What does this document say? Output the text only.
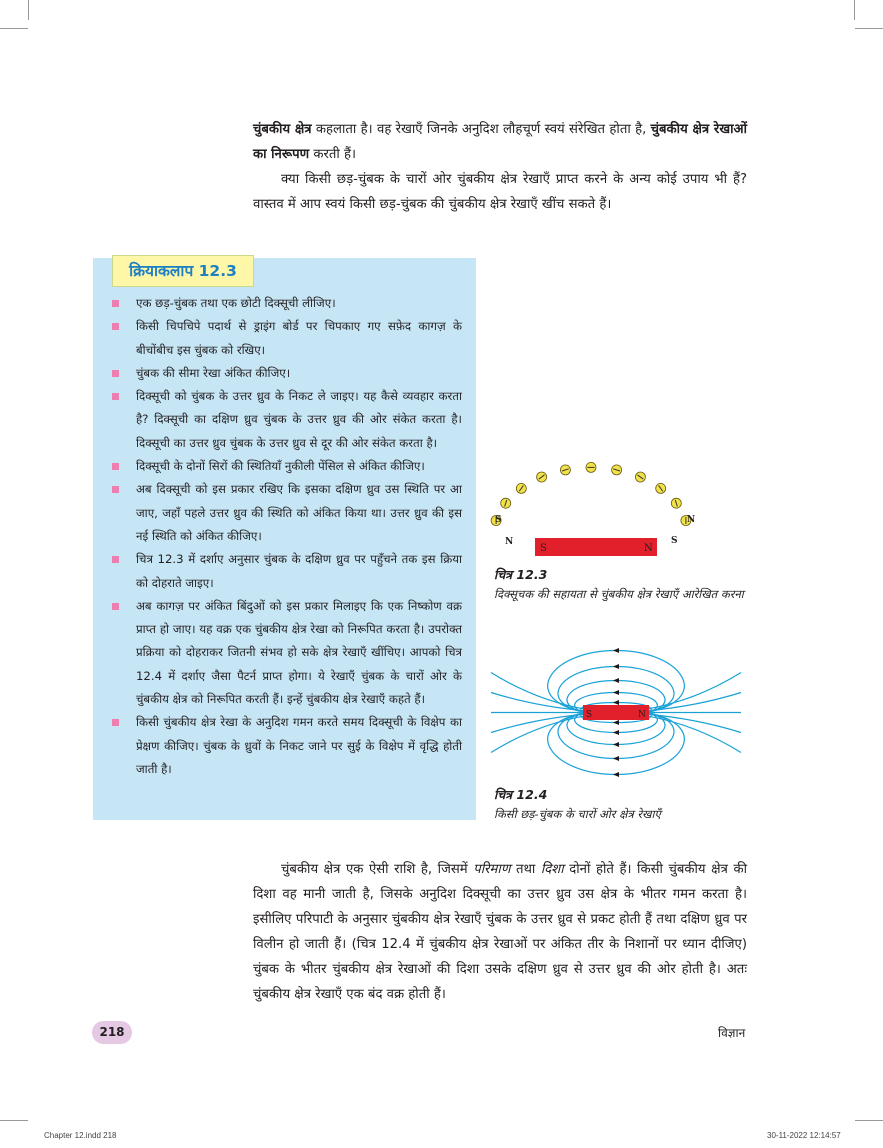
चुंबकीय क्षेत्र कहलाता है। वह रेखाएँ जिनके अनुदिश लौहचूर्ण स्वयं संरेखित होता है, चुंबकीय क्षेत्र रेखाओं का निरूपण करती हैं।

क्या किसी छड़-चुंबक के चारों ओर चुंबकीय क्षेत्र रेखाएँ प्राप्त करने के अन्य कोई उपाय भी हैं? वास्तव में आप स्वयं किसी छड़-चुंबक की चुंबकीय क्षेत्र रेखाएँ खींच सकते हैं।

क्रियाकलाप 12.3
एक छड़-चुंबक तथा एक छोटी दिक्सूची लीजिए।
किसी चिपचिपे पदार्थ से ड्राइंग बोर्ड पर चिपकाए गए सफ़ेद कागज़ के बीचोंबीच इस चुंबक को रखिए।
चुंबक की सीमा रेखा अंकित कीजिए।
दिक्सूची को चुंबक के उत्तर ध्रुव के निकट ले जाइए। यह कैसे व्यवहार करता है? दिक्सूची का दक्षिण ध्रुव चुंबक के उत्तर ध्रुव की ओर संकेत करता है। दिक्सूची का उत्तर ध्रुव चुंबक के उत्तर ध्रुव से दूर की ओर संकेत करता है।
दिक्सूची के दोनों सिरों की स्थितियाँ नुकीली पेंसिल से अंकित कीजिए।
अब दिक्सूची को इस प्रकार रखिए कि इसका दक्षिण ध्रुव उस स्थिति पर आ जाए, जहाँ पहले उत्तर ध्रुव की स्थिति को अंकित किया था। उत्तर ध्रुव की इस नई स्थिति को अंकित कीजिए।
चित्र 12.3 में दर्शाए अनुसार चुंबक के दक्षिण ध्रुव पर पहुँचने तक इस क्रिया को दोहराते जाइए।
अब कागज़ पर अंकित बिंदुओं को इस प्रकार मिलाइए कि एक निष्कोण वक्र प्राप्त हो जाए। यह वक्र एक चुंबकीय क्षेत्र रेखा को निरूपित करता है। उपरोक्त प्रक्रिया को दोहराकर जितनी संभव हो सके क्षेत्र रेखाएँ खींचिए। आपको चित्र 12.4 में दर्शाए जैसा पैटर्न प्राप्त होगा। ये रेखाएँ चुंबक के चारों ओर के चुंबकीय क्षेत्र को निरूपित करती हैं। इन्हें चुंबकीय क्षेत्र रेखाएँ कहते हैं।
किसी चुंबकीय क्षेत्र रेखा के अनुदिश गमन करते समय दिक्सूची के विक्षेप का प्रेक्षण कीजिए। चुंबक के ध्रुवों के निकट जाने पर सुई के विक्षेप में वृद्धि होती जाती है।
S	N
S
N
N
S
चित्र 12.3
दिक्सूचक की सहायता से चुंबकीय क्षेत्र रेखाएँ आरेखित करना
S	N
चित्र 12.4
किसी छड़-चुंबक के चारों ओर क्षेत्र रेखाएँ

चुंबकीय क्षेत्र एक ऐसी राशि है, जिसमें परिमाण तथा दिशा दोनों होते हैं। किसी चुंबकीय क्षेत्र की दिशा वह मानी जाती है, जिसके अनुदिश दिक्सूची का उत्तर ध्रुव उस क्षेत्र के भीतर गमन करता है। इसीलिए परिपाटी के अनुसार चुंबकीय क्षेत्र रेखाएँ चुंबक के उत्तर ध्रुव से प्रकट होती हैं तथा दक्षिण ध्रुव पर विलीन हो जाती हैं। (चित्र 12.4 में चुंबकीय क्षेत्र रेखाओं पर अंकित तीर के निशानों पर ध्यान दीजिए) चुंबक के भीतर चुंबकीय क्षेत्र रेखाओं की दिशा उसके दक्षिण ध्रुव से उत्तर ध्रुव की ओर होती है। अतः चुंबकीय क्षेत्र रेखाएँ एक बंद वक्र होती हैं।

218	विज्ञान
Chapter 12.indd 218	30-11-2022 12:14:57
